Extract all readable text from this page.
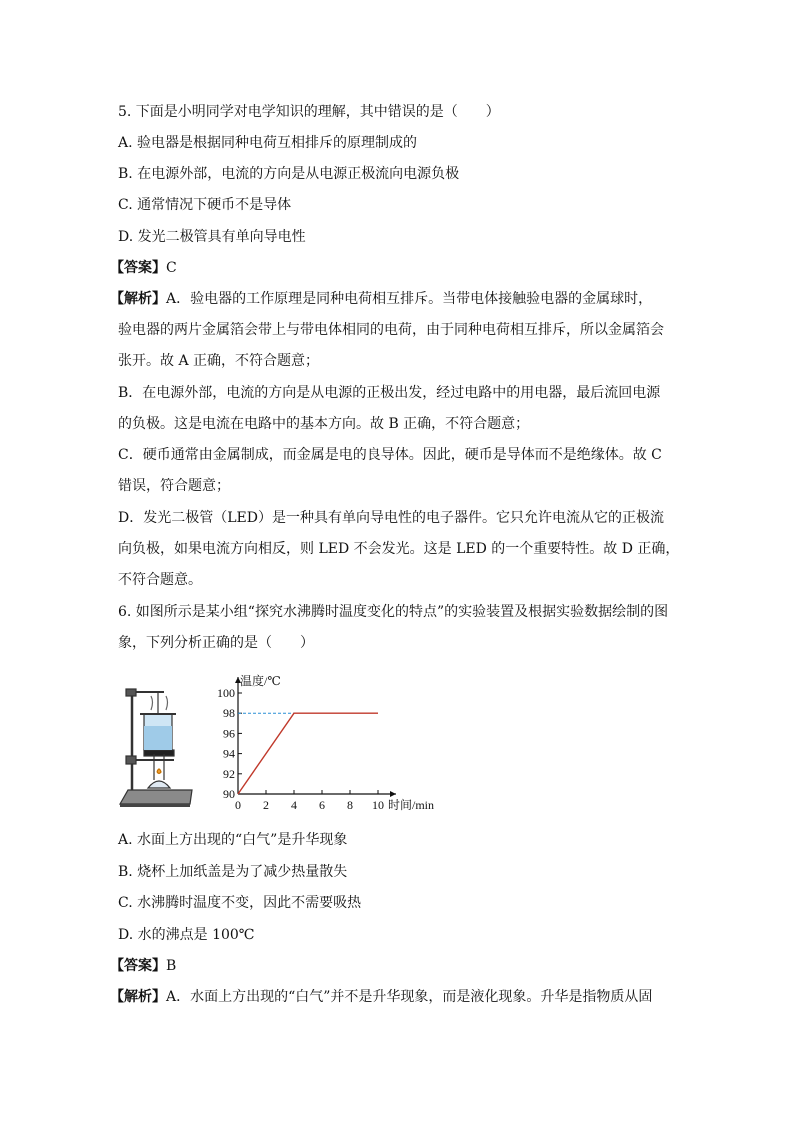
5. 下面是小明同学对电学知识的理解，其中错误的是（　　）
A. 验电器是根据同种电荷互相排斥的原理制成的
B. 在电源外部，电流的方向是从电源正极流向电源负极
C. 通常情况下硬币不是导体
D. 发光二极管具有单向导电性
【答案】C
【解析】A．验电器的工作原理是同种电荷相互排斥。当带电体接触验电器的金属球时，
验电器的两片金属箔会带上与带电体相同的电荷，由于同种电荷相互排斥，所以金属箔会
张开。故 A 正确，不符合题意；
B．在电源外部，电流的方向是从电源的正极出发，经过电路中的用电器，最后流回电源
的负极。这是电流在电路中的基本方向。故 B 正确，不符合题意；
C．硬币通常由金属制成，而金属是电的良导体。因此，硬币是导体而不是绝缘体。故 C
错误，符合题意；
D．发光二极管（LED）是一种具有单向导电性的电子器件。它只允许电流从它的正极流
向负极，如果电流方向相反，则 LED 不会发光。这是 LED 的一个重要特性。故 D 正确，
不符合题意。
6. 如图所示是某小组“探究水沸腾时温度变化的特点”的实验装置及根据实验数据绘制的图
象，下列分析正确的是（　　）
90
92
94
96
98
100
0 2 4 6 8 10 时间/min
温度/℃
A. 水面上方出现的“白气”是升华现象
B. 烧杯上加纸盖是为了减少热量散失
C. 水沸腾时温度不变，因此不需要吸热
D. 水的沸点是 100℃
【答案】B
【解析】A．水面上方出现的“白气”并不是升华现象，而是液化现象。升华是指物质从固
